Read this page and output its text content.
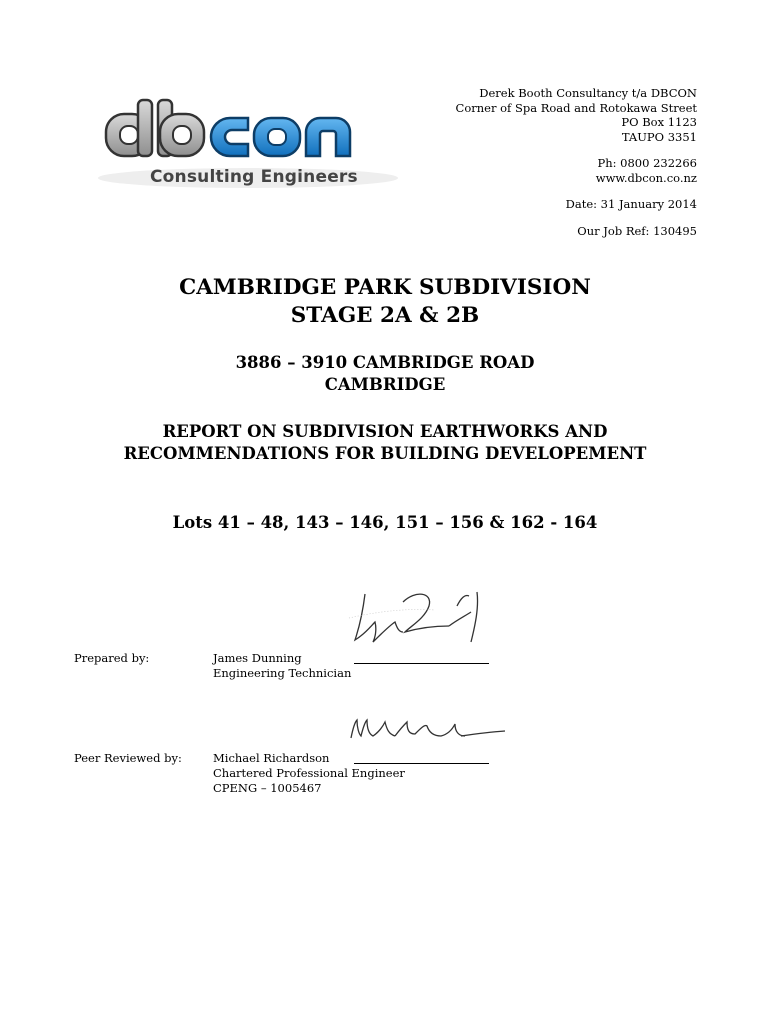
Consulting Engineers
Derek Booth Consultancy t/a DBCON
Corner of Spa Road and Rotokawa Street
PO Box 1123
TAUPO 3351
Ph: 0800 232266
www.dbcon.co.nz
Date: 31 January 2014
Our Job Ref: 130495
CAMBRIDGE PARK SUBDIVISION
STAGE 2A & 2B
3886 – 3910 CAMBRIDGE ROAD
CAMBRIDGE
REPORT ON SUBDIVISION EARTHWORKS AND
RECOMMENDATIONS FOR BUILDING DEVELOPEMENT
Lots 41 – 48, 143 – 146, 151 – 156 & 162 - 164
Prepared by:	James Dunning
Engineering Technician
Peer Reviewed by:	Michael Richardson
Chartered Professional Engineer
CPENG – 1005467
